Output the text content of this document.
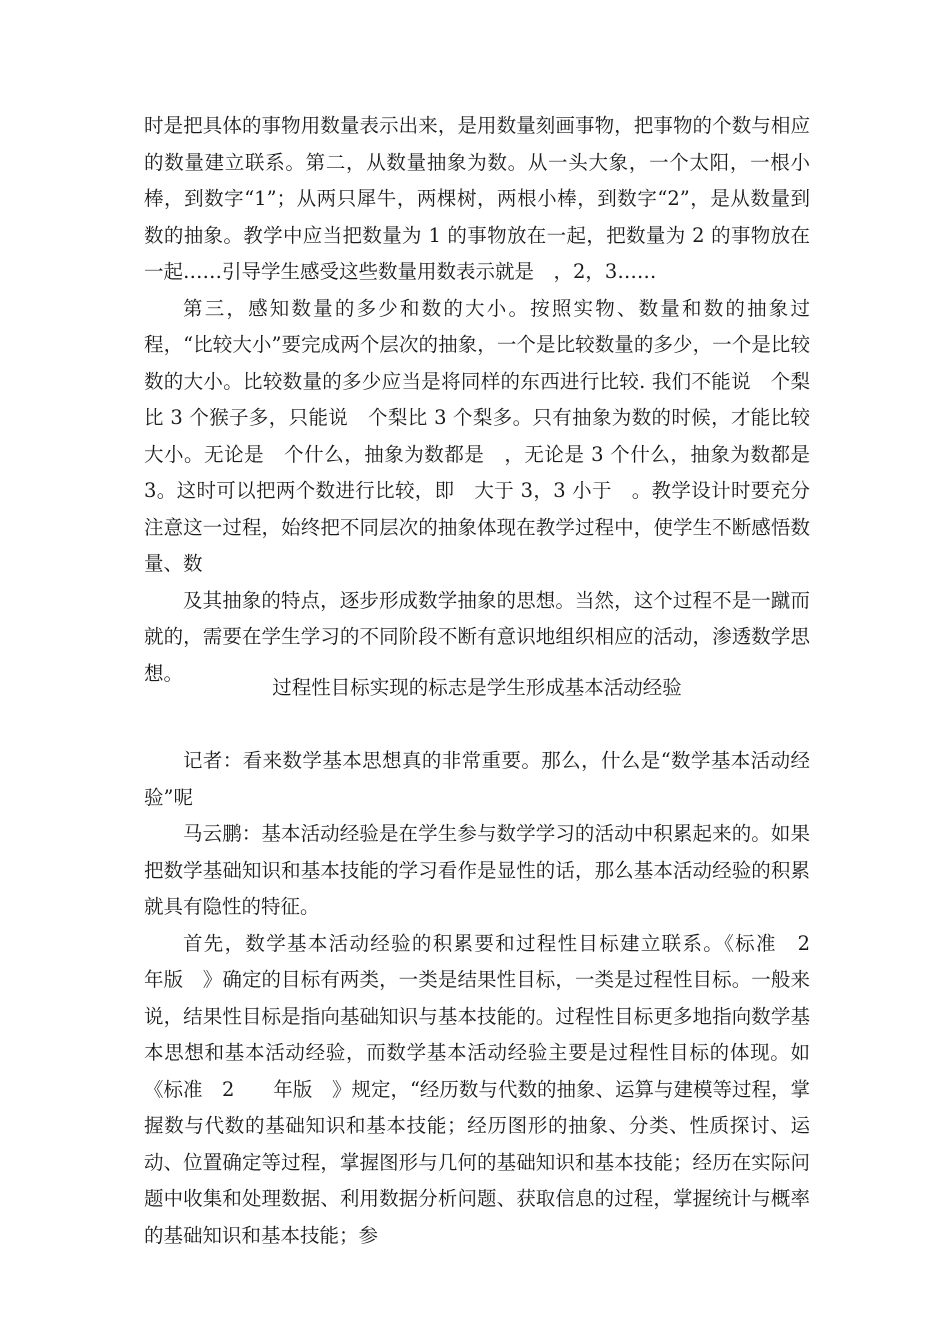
时是把具体的事物用数量表示出来，是用数量刻画事物，把事物的个数与相应的数量建立联系。第二，从数量抽象为数。从一头大象，一个太阳，一根小棒，到数字“1”；从两只犀牛，两棵树，两根小棒，到数字“2”，是从数量到数的抽象。教学中应当把数量为 1 的事物放在一起，把数量为 2 的事物放在一起……引导学生感受这些数量用数表示就是　，2，3……

第三，感知数量的多少和数的大小。按照实物、数量和数的抽象过程，“比较大小”要完成两个层次的抽象，一个是比较数量的多少，一个是比较数的大小。比较数量的多少应当是将同样的东西进行比较. 我们不能说　个梨比 3 个猴子多，只能说　个梨比 3 个梨多。只有抽象为数的时候，才能比较大小。无论是　个什么，抽象为数都是　，无论是 3 个什么，抽象为数都是 3。这时可以把两个数进行比较，即　大于 3，3 小于　。教学设计时要充分注意这一过程，始终把不同层次的抽象体现在教学过程中，使学生不断感悟数量、数

及其抽象的特点，逐步形成数学抽象的思想。当然，这个过程不是一蹴而就的，需要在学生学习的不同阶段不断有意识地组织相应的活动，渗透数学思想。

过程性目标实现的标志是学生形成基本活动经验

记者：看来数学基本思想真的非常重要。那么，什么是“数学基本活动经验”呢

马云鹏：基本活动经验是在学生参与数学学习的活动中积累起来的。如果把数学基础知识和基本技能的学习看作是显性的话，那么基本活动经验的积累就具有隐性的特征。

首先，数学基本活动经验的积累要和过程性目标建立联系。《标准　2　　年版　》确定的目标有两类，一类是结果性目标，一类是过程性目标。一般来说，结果性目标是指向基础知识与基本技能的。过程性目标更多地指向数学基本思想和基本活动经验，而数学基本活动经验主要是过程性目标的体现。如《标准　2　　年版　》规定，“经历数与代数的抽象、运算与建模等过程，掌握数与代数的基础知识和基本技能；经历图形的抽象、分类、性质探讨、运动、位置确定等过程，掌握图形与几何的基础知识和基本技能；经历在实际问题中收集和处理数据、利用数据分析问题、获取信息的过程，掌握统计与概率的基础知识和基本技能；参
